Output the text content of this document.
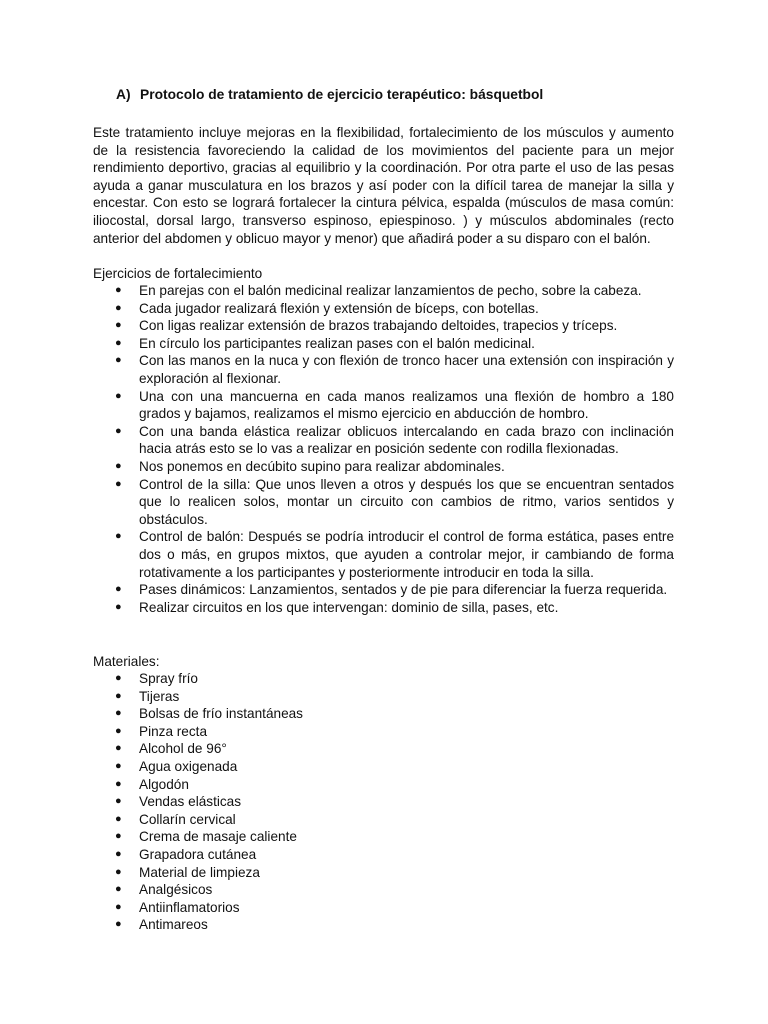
A) Protocolo de tratamiento de ejercicio terapéutico: básquetbol

Este tratamiento incluye mejoras en la flexibilidad, fortalecimiento de los músculos y aumento de la resistencia favoreciendo la calidad de los movimientos del paciente para un mejor rendimiento deportivo, gracias al equilibrio y la coordinación. Por otra parte el uso de las pesas ayuda a ganar musculatura en los brazos y así poder con la difícil tarea de manejar la silla y encestar. Con esto se logrará fortalecer la cintura pélvica, espalda (músculos de masa común: iliocostal, dorsal largo, transverso espinoso, epiespinoso. ) y músculos abdominales (recto anterior del abdomen y oblicuo mayor y menor) que añadirá poder a su disparo con el balón.

Ejercicios de fortalecimiento

● En parejas con el balón medicinal realizar lanzamientos de pecho, sobre la cabeza.
● Cada jugador realizará flexión y extensión de bíceps, con botellas.
● Con ligas realizar extensión de brazos trabajando deltoides, trapecios y tríceps.
● En círculo los participantes realizan pases con el balón medicinal.
● Con las manos en la nuca y con flexión de tronco hacer una extensión con inspiración y exploración al flexionar.
● Una con una mancuerna en cada manos realizamos una flexión de hombro a 180 grados y bajamos, realizamos el mismo ejercicio en abducción de hombro.
● Con una banda elástica realizar oblicuos intercalando en cada brazo con inclinación hacia atrás esto se lo vas a realizar en posición sedente con rodilla flexionadas.
● Nos ponemos en decúbito supino para realizar abdominales.
● Control de la silla: Que unos lleven a otros y después los que se encuentran sentados que lo realicen solos, montar un circuito con cambios de ritmo, varios sentidos y obstáculos.
● Control de balón: Después se podría introducir el control de forma estática, pases entre dos o más, en grupos mixtos, que ayuden a controlar mejor, ir cambiando de forma rotativamente a los participantes y posteriormente introducir en toda la silla.
● Pases dinámicos: Lanzamientos, sentados y de pie para diferenciar la fuerza requerida.
● Realizar circuitos en los que intervengan: dominio de silla, pases, etc.

Materiales:

● Spray frío
● Tijeras
● Bolsas de frío instantáneas
● Pinza recta
● Alcohol de 96°
● Agua oxigenada
● Algodón
● Vendas elásticas
● Collarín cervical
● Crema de masaje caliente
● Grapadora cutánea
● Material de limpieza
● Analgésicos
● Antiinflamatorios
● Antimareos
